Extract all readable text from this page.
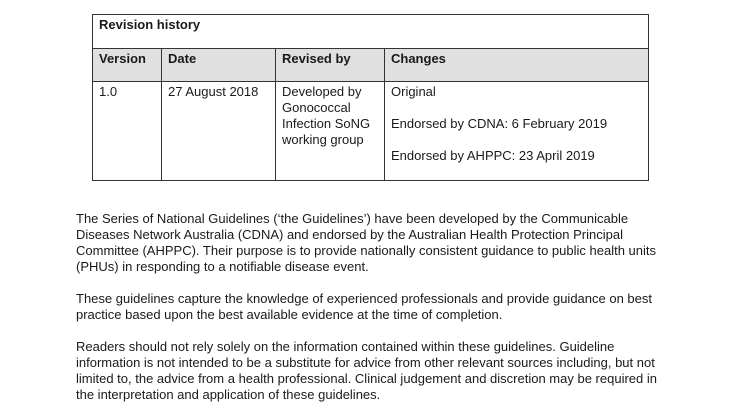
Revision history			
Version	Date	Revised by	Changes
1.0	27 August 2018	Developed by Gonococcal Infection SoNG working group	Original
Endorsed by CDNA: 6 February 2019
Endorsed by AHPPC: 23 April 2019

The Series of National Guidelines (‘the Guidelines’) have been developed by the Communicable Diseases Network Australia (CDNA) and endorsed by the Australian Health Protection Principal Committee (AHPPC). Their purpose is to provide nationally consistent guidance to public health units (PHUs) in responding to a notifiable disease event.

These guidelines capture the knowledge of experienced professionals and provide guidance on best practice based upon the best available evidence at the time of completion.

Readers should not rely solely on the information contained within these guidelines. Guideline information is not intended to be a substitute for advice from other relevant sources including, but not limited to, the advice from a health professional. Clinical judgement and discretion may be required in the interpretation and application of these guidelines.
